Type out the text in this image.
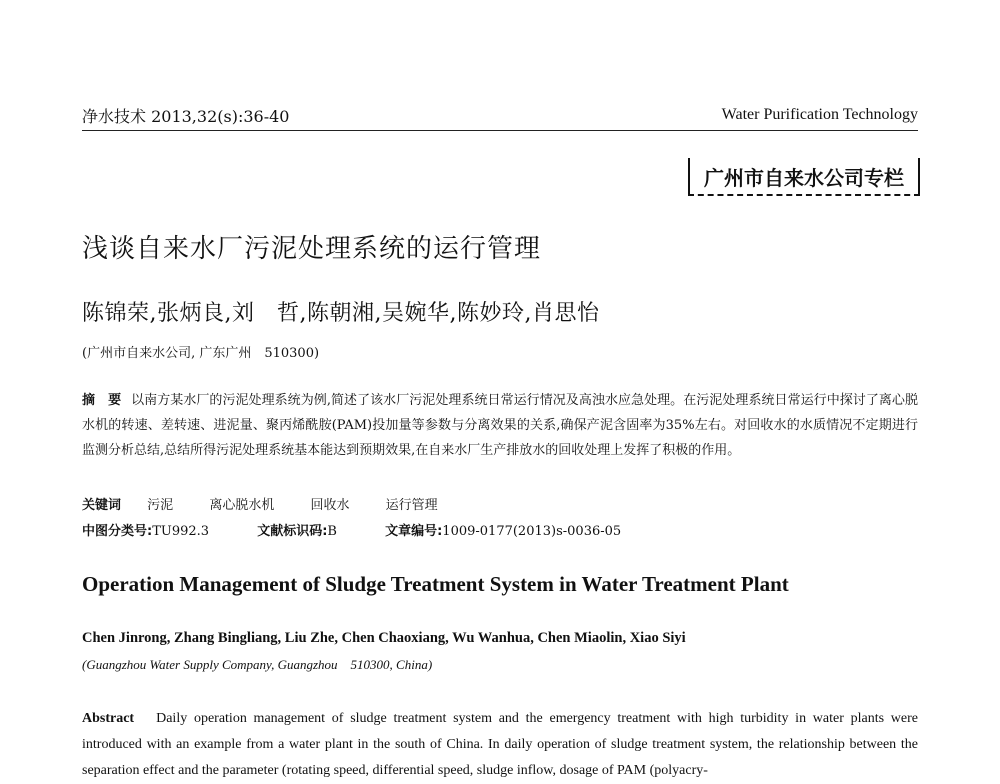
净水技术 2013,32(s):36-40	Water Purification Technology
广州市自来水公司专栏
浅谈自来水厂污泥处理系统的运行管理
陈锦荣,张炳良,刘　哲,陈朝湘,吴婉华,陈妙玲,肖思怡
(广州市自来水公司, 广东广州　510300)
摘　要 以南方某水厂的污泥处理系统为例,简述了该水厂污泥处理系统日常运行情况及高浊水应急处理。在污泥处理系统日常运行中探讨了离心脱水机的转速、差转速、进泥量、聚丙烯酰胺(PAM)投加量等参数与分离效果的关系,确保产泥含固率为35%左右。对回收水的水质情况不定期进行监测分析总结,总结所得污泥处理系统基本能达到预期效果,在自来水厂生产排放水的回收处理上发挥了积极的作用。
关键词 污泥	离心脱水机	回收水	运行管理
中图分类号:TU992.3	文献标识码:B	文章编号:1009-0177(2013)s-0036-05
Operation Management of Sludge Treatment System in Water Treatment Plant
Chen Jinrong, Zhang Bingliang, Liu Zhe, Chen Chaoxiang, Wu Wanhua, Chen Miaolin, Xiao Siyi
(Guangzhou Water Supply Company, Guangzhou　510300, China)
Abstract Daily operation management of sludge treatment system and the emergency treatment with high turbidity in water plants were introduced with an example from a water plant in the south of China. In daily operation of sludge treatment system, the relationship between the separation effect and the parameter (rotating speed, differential speed, sludge inflow, dosage of PAM (polyacry-
